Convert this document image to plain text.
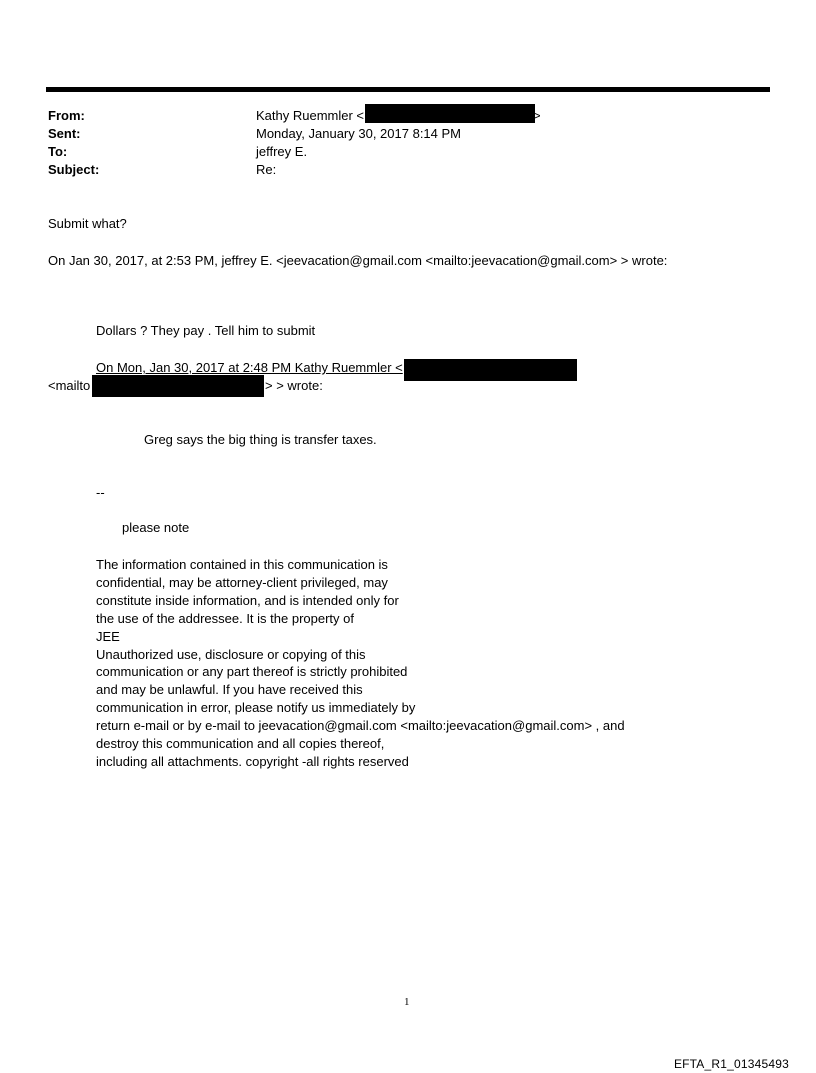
From:	Kathy Ruemmler <	>
Sent:	Monday, January 30, 2017 8:14 PM
To:	jeffrey E.
Subject:	Re:
Submit what?
On Jan 30, 2017, at 2:53 PM, jeffrey E. <jeevacation@gmail.com <mailto:jeevacation@gmail.com> > wrote:
Dollars ? They pay . Tell him to submit
On Mon, Jan 30, 2017 at 2:48 PM Kathy Ruemmler <
<mailto	> > wrote:
Greg says the big thing is transfer taxes.
--
please note
The information contained in this communication is
confidential, may be attorney-client privileged, may
constitute inside information, and is intended only for
the use of the addressee. It is the property of
JEE
Unauthorized use, disclosure or copying of this
communication or any part thereof is strictly prohibited
and may be unlawful. If you have received this
communication in error, please notify us immediately by
return e-mail or by e-mail to jeevacation@gmail.com <mailto:jeevacation@gmail.com> , and
destroy this communication and all copies thereof,
including all attachments. copyright -all rights reserved
1
EFTA_R1_01345493
